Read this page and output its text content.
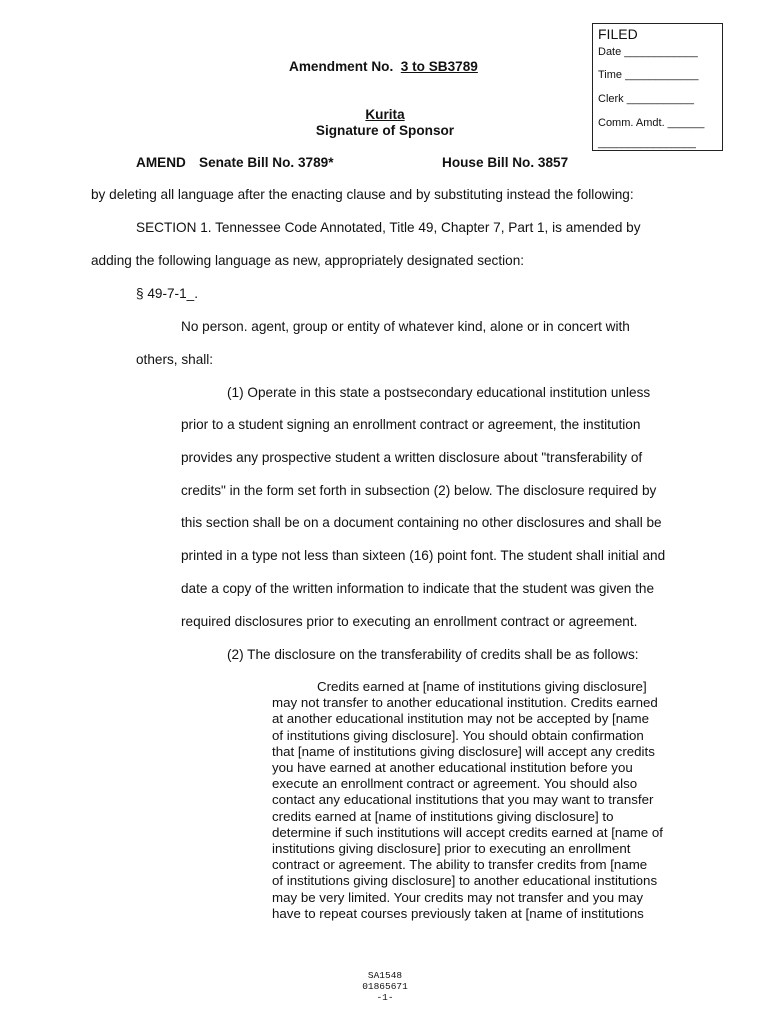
FILED
Date ____________
Time ____________
Clerk ___________
Comm. Amdt. ______
________________
Amendment No. 3 to SB3789
Kurita
Signature of Sponsor
AMEND Senate Bill No. 3789*	House Bill No. 3857
by deleting all language after the enacting clause and by substituting instead the following:
SECTION 1. Tennessee Code Annotated, Title 49, Chapter 7, Part 1, is amended by
adding the following language as new, appropriately designated section:
§ 49-7-1_.
No person. agent, group or entity of whatever kind, alone or in concert with
others, shall:
(1) Operate in this state a postsecondary educational institution unless
prior to a student signing an enrollment contract or agreement, the institution
provides any prospective student a written disclosure about "transferability of
credits" in the form set forth in subsection (2) below. The disclosure required by
this section shall be on a document containing no other disclosures and shall be
printed in a type not less than sixteen (16) point font. The student shall initial and
date a copy of the written information to indicate that the student was given the
required disclosures prior to executing an enrollment contract or agreement.
(2) The disclosure on the transferability of credits shall be as follows:
Credits earned at [name of institutions giving disclosure]
may not transfer to another educational institution. Credits earned
at another educational institution may not be accepted by [name
of institutions giving disclosure]. You should obtain confirmation
that [name of institutions giving disclosure] will accept any credits
you have earned at another educational institution before you
execute an enrollment contract or agreement. You should also
contact any educational institutions that you may want to transfer
credits earned at [name of institutions giving disclosure] to
determine if such institutions will accept credits earned at [name of
institutions giving disclosure] prior to executing an enrollment
contract or agreement. The ability to transfer credits from [name
of institutions giving disclosure] to another educational institutions
may be very limited. Your credits may not transfer and you may
have to repeat courses previously taken at [name of institutions
SA1548
01865671
-1-
